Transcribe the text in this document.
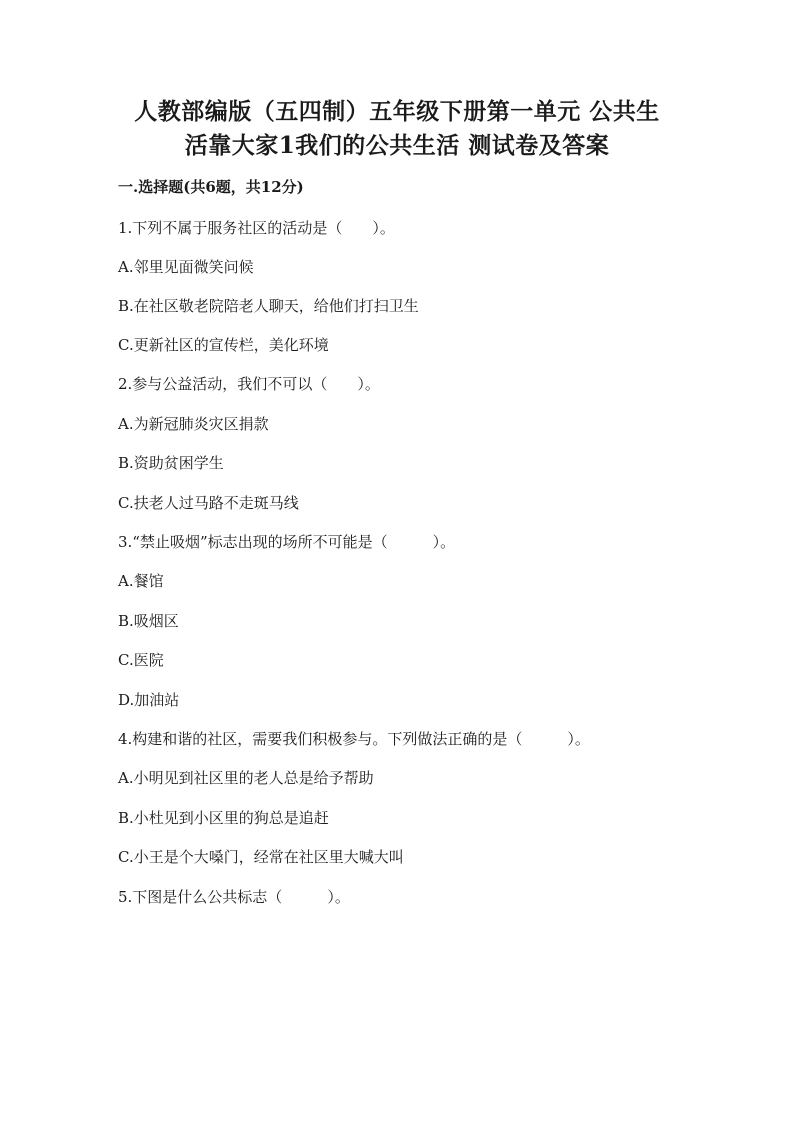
人教部编版（五四制）五年级下册第一单元 公共生
活靠大家1我们的公共生活 测试卷及答案
一.选择题(共6题，共12分)
1.下列不属于服务社区的活动是（　　）。
A.邻里见面微笑问候
B.在社区敬老院陪老人聊天，给他们打扫卫生
C.更新社区的宣传栏，美化环境
2.参与公益活动，我们不可以（　　）。
A.为新冠肺炎灾区捐款
B.资助贫困学生
C.扶老人过马路不走斑马线
3.“禁止吸烟”标志出现的场所不可能是（　　　）。
A.餐馆
B.吸烟区
C.医院
D.加油站
4.构建和谐的社区，需要我们积极参与。下列做法正确的是（　　　）。
A.小明见到社区里的老人总是给予帮助
B.小杜见到小区里的狗总是追赶
C.小王是个大嗓门，经常在社区里大喊大叫
5.下图是什么公共标志（　　　）。
